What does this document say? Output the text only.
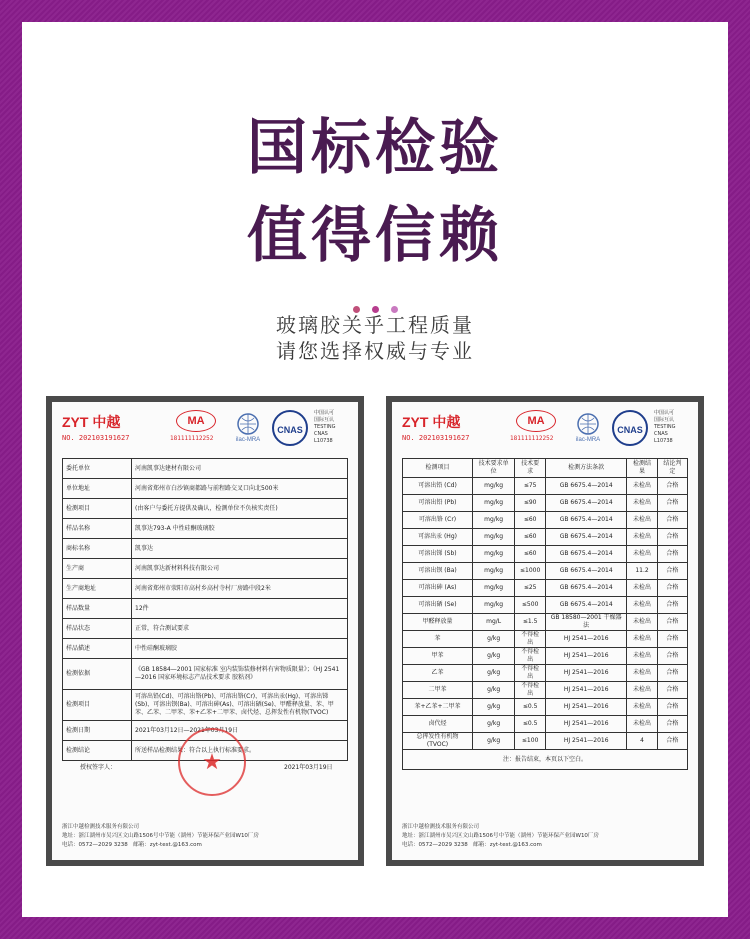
国标检验
值得信赖
玻璃胶关乎工程质量
请您选择权威与专业
ZYT 中越
NO. 202103191627
MA
181111112252	ilac-MRA
CNAS
中国认可
国际互认
TESTING
CNAS
L10738
委托单位	河南凯事达建材有限公司
单位地址	河南省郑州市白沙镇商都路与前程路交叉口向北500米
检测项目	(由客户与委托方提供及确认，检测单位不负核实责任)
样品名称	凯事达793-A 中性硅酮玻璃胶
商标名称	凯事达
生产商	河南凯事达新材料科技有限公司
生产商地址	河南省郑州市荥阳市高村乡高村寺村厂房路中段2米
样品数量	12件
样品状态	正常，符合测试要求
样品描述	中性硅酮玻璃胶
检测依据	《GB 18584—2001 国家标准 室内装饰装修材料有害物质限量》；《HJ 2541—2016 国家环境标志产品技术要求 胶粘剂》
检测项目	可溶出铅(Cd)、可溶出铬(Pb)、可溶出铬(Cr)、可溶出汞(Hg)、可溶出锑(Sb)、可溶出钡(Ba)、可溶出砷(As)、可溶出硒(Se)、甲醛释放量、苯、甲苯、乙苯、二甲苯、苯+乙苯+二甲苯、卤代烃、总挥发性有机物(TVOC)
检测日期	2021年03月12日—2021年03月19日
检测结论	所送样品检测结果：符合以上执行标准要求。
授权签字人：	2021年03月19日
★
浙江中越检测技术服务有限公司
地址：浙江湖州市吴兴区文山路1506号中节能（湖州）节能环保产业园W10厂房
电话：0572—2029 3238　 邮箱：zyt-test.@163.com
ZYT 中越
NO. 202103191627
MA
181111112252	ilac-MRA
CNAS
中国认可
国际互认
TESTING
CNAS
L10738
检测项目	技术要求单位	技术要求	检测方法条款	检测结果	结论判定
可溶出铅 (Cd)	mg/kg	≤75	GB 6675.4—2014	未检出	合格
可溶出铅 (Pb)	mg/kg	≤90	GB 6675.4—2014	未检出	合格
可溶出铬 (Cr)	mg/kg	≤60	GB 6675.4—2014	未检出	合格
可溶出汞 (Hg)	mg/kg	≤60	GB 6675.4—2014	未检出	合格
可溶出锑 (Sb)	mg/kg	≤60	GB 6675.4—2014	未检出	合格
可溶出钡 (Ba)	mg/kg	≤1000	GB 6675.4—2014	11.2	合格
可溶出砷 (As)	mg/kg	≤25	GB 6675.4—2014	未检出	合格
可溶出硒 (Se)	mg/kg	≤500	GB 6675.4—2014	未检出	合格
甲醛释放量	mg/L	≤1.5	GB 18580—2001 干燥器法	未检出	合格
苯	g/kg	不得检出	HJ 2541—2016	未检出	合格
甲苯	g/kg	不得检出	HJ 2541—2016	未检出	合格
乙苯	g/kg	不得检出	HJ 2541—2016	未检出	合格
二甲苯	g/kg	不得检出	HJ 2541—2016	未检出	合格
苯+乙苯+二甲苯	g/kg	≤0.5	HJ 2541—2016	未检出	合格
卤代烃	g/kg	≤0.5	HJ 2541—2016	未检出	合格
总挥发性有机物 (TVOC)	g/kg	≤100	HJ 2541—2016	4	合格
注：报告结束，本页以下空白。					
浙江中越检测技术服务有限公司
地址：浙江湖州市吴兴区文山路1506号中节能（湖州）节能环保产业园W10厂房
电话：0572—2029 3238　 邮箱：zyt-test.@163.com
